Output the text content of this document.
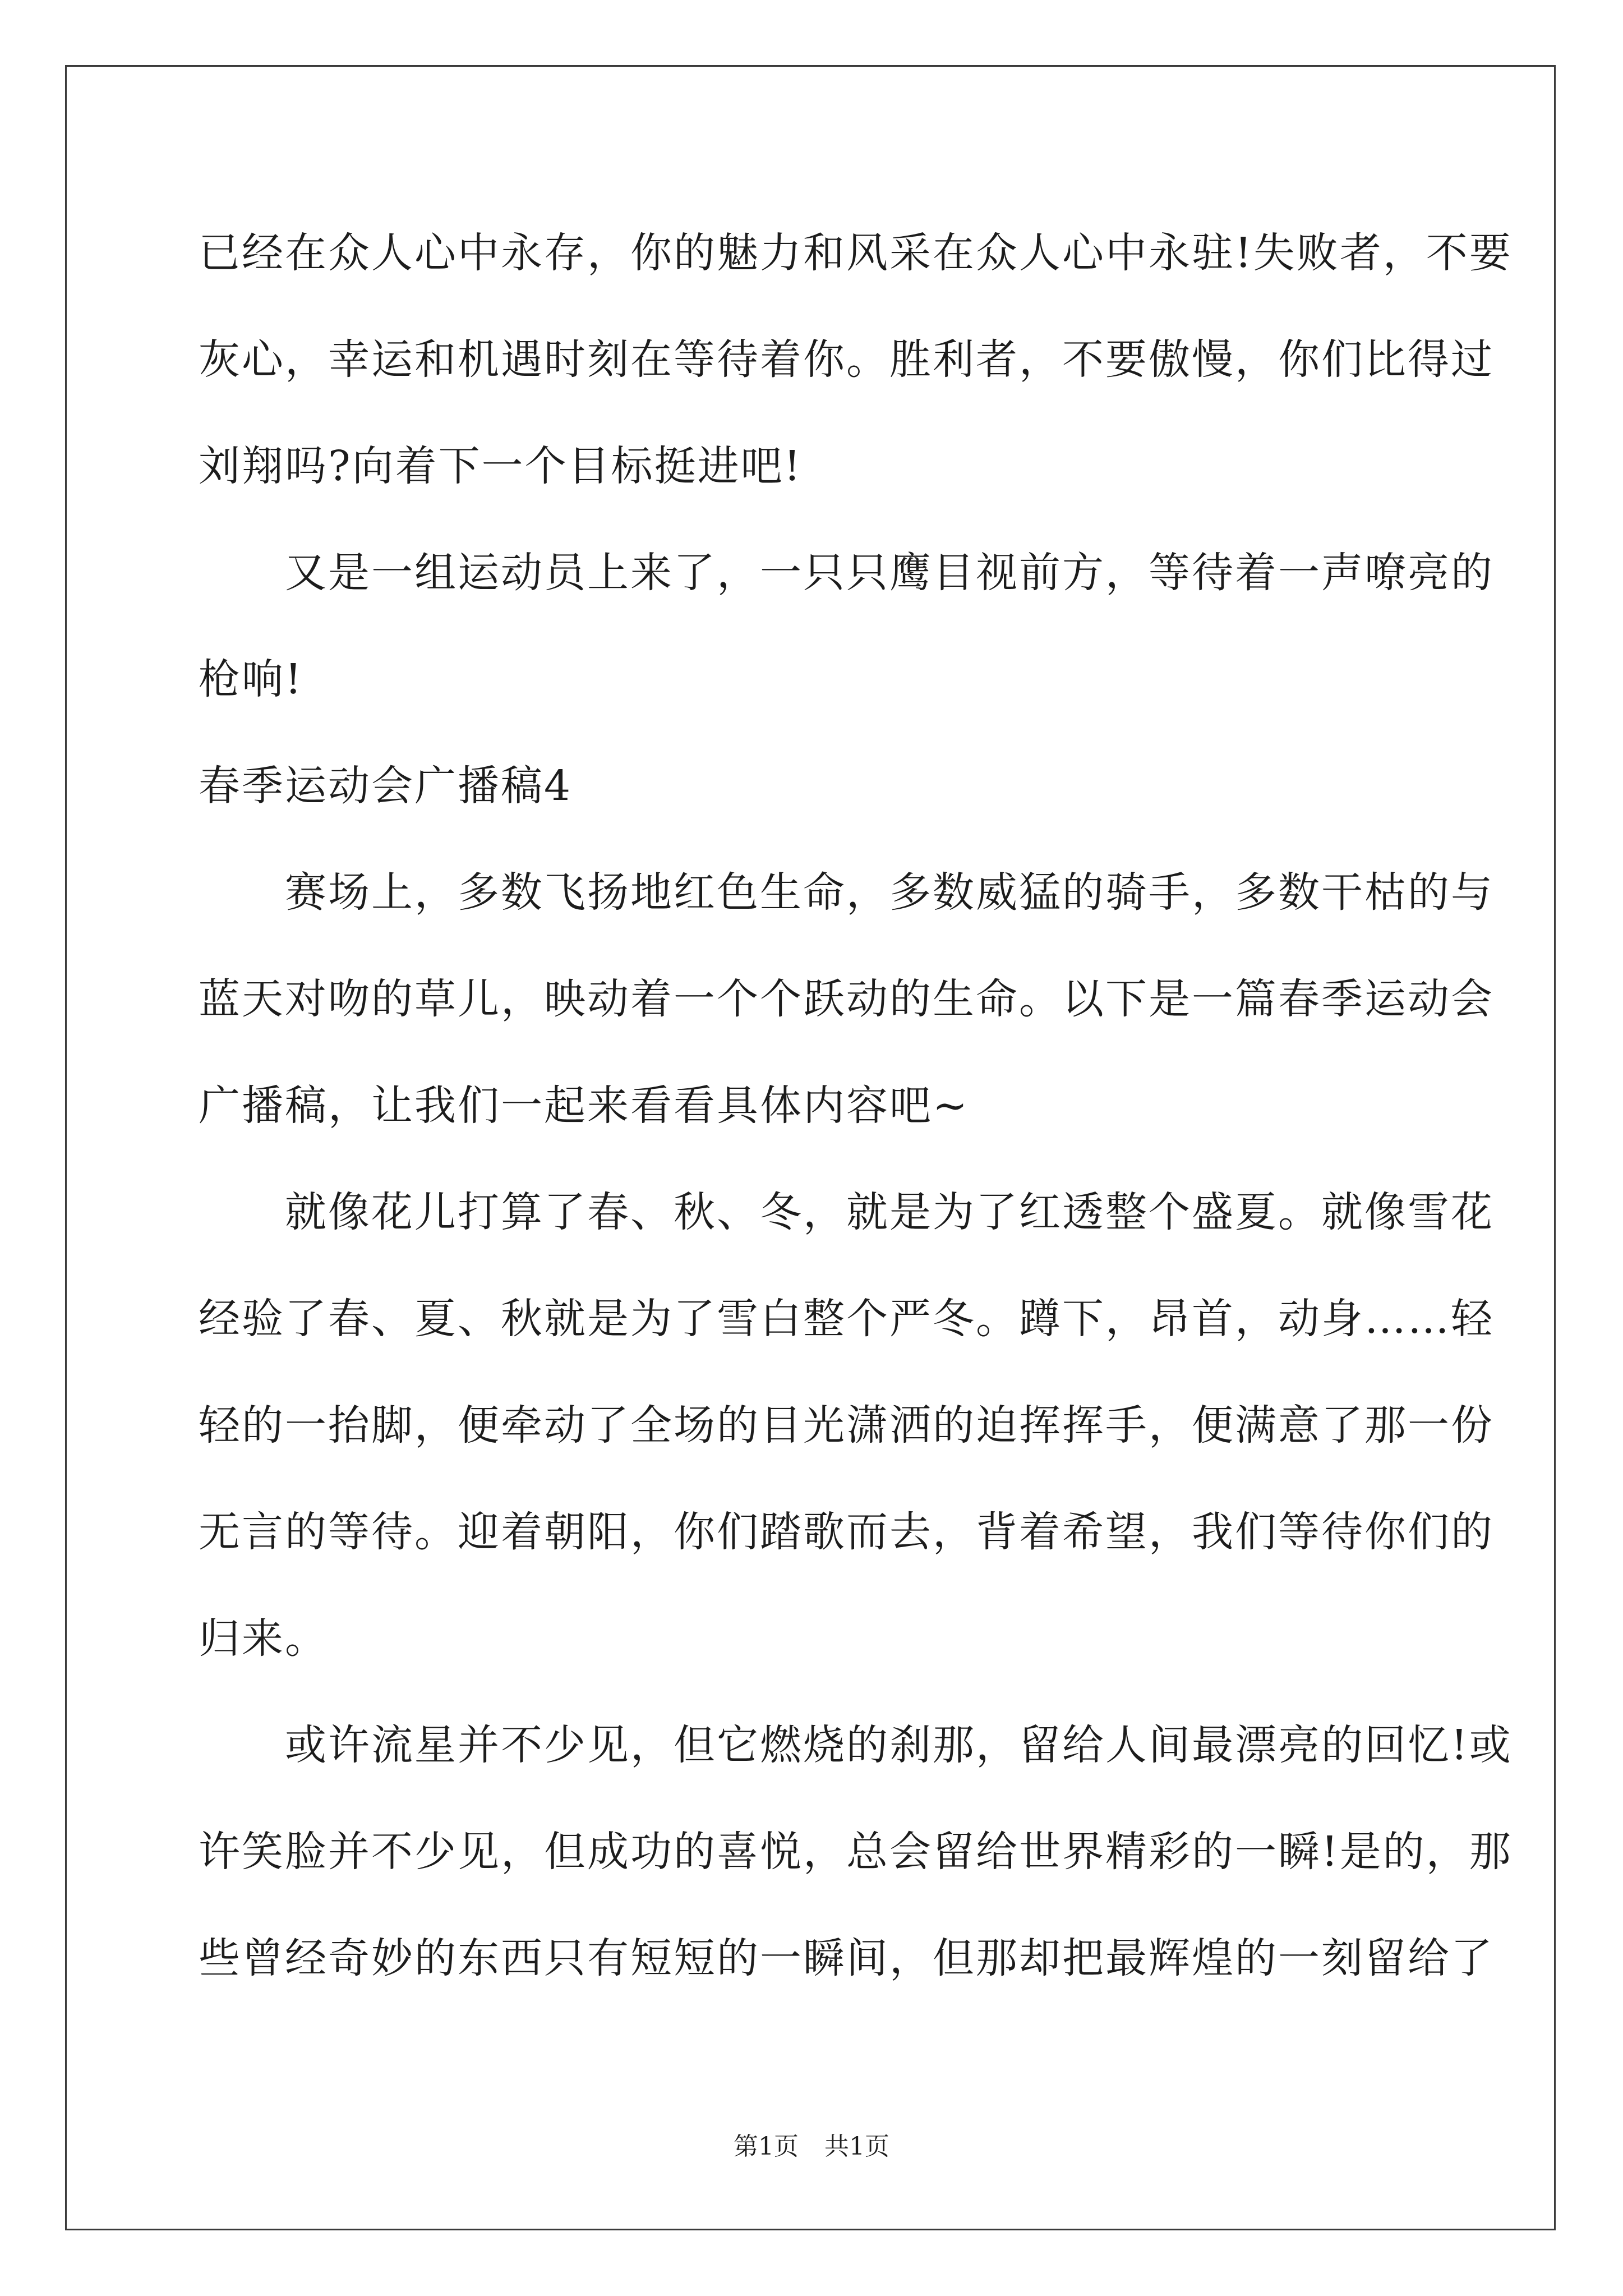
已经在众人心中永存，你的魅力和风采在众人心中永驻!失败者，不要
灰心，幸运和机遇时刻在等待着你。胜利者，不要傲慢，你们比得过
刘翔吗?向着下一个目标挺进吧!
　　又是一组运动员上来了，一只只鹰目视前方，等待着一声嘹亮的
枪响!
春季运动会广播稿4
　　赛场上，多数飞扬地红色生命，多数威猛的骑手，多数干枯的与
蓝天对吻的草儿，映动着一个个跃动的生命。以下是一篇春季运动会
广播稿，让我们一起来看看具体内容吧~
　　就像花儿打算了春、秋、冬，就是为了红透整个盛夏。就像雪花
经验了春、夏、秋就是为了雪白整个严冬。蹲下，昂首，动身……轻
轻的一抬脚，便牵动了全场的目光潇洒的迫挥挥手，便满意了那一份
无言的等待。迎着朝阳，你们踏歌而去，背着希望，我们等待你们的
归来。
　　或许流星并不少见，但它燃烧的刹那，留给人间最漂亮的回忆!或
许笑脸并不少见，但成功的喜悦，总会留给世界精彩的一瞬!是的，那
些曾经奇妙的东西只有短短的一瞬间，但那却把最辉煌的一刻留给了
第1页 共1页
